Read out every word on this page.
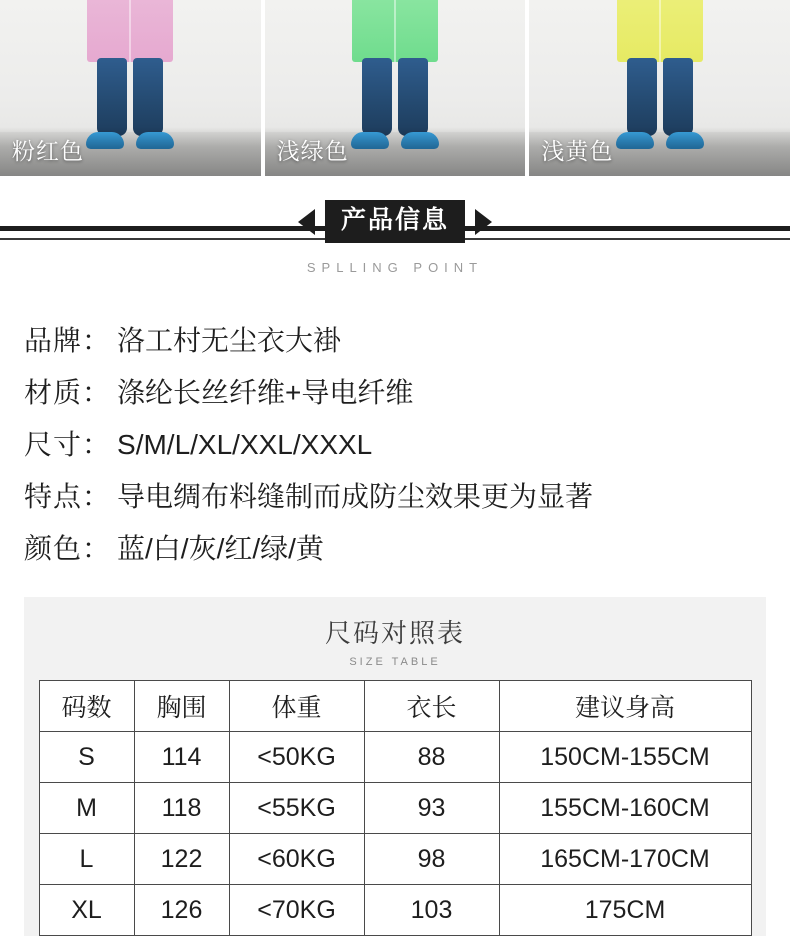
粉红色	浅绿色	浅黄色
产品信息
SPLLING POINT
品牌： 洛工村无尘衣大褂
材质： 涤纶长丝纤维+导电纤维
尺寸： S/M/L/XL/XXL/XXXL
特点： 导电绸布料缝制而成防尘效果更为显著
颜色： 蓝/白/灰/红/绿/黄
尺码对照表
SIZE TABLE
码数	胸围	体重	衣长	建议身高
S	114	<50KG	88	150CM-155CM
M	118	<55KG	93	155CM-160CM
L	122	<60KG	98	165CM-170CM
XL	126	<70KG	103	175CM
